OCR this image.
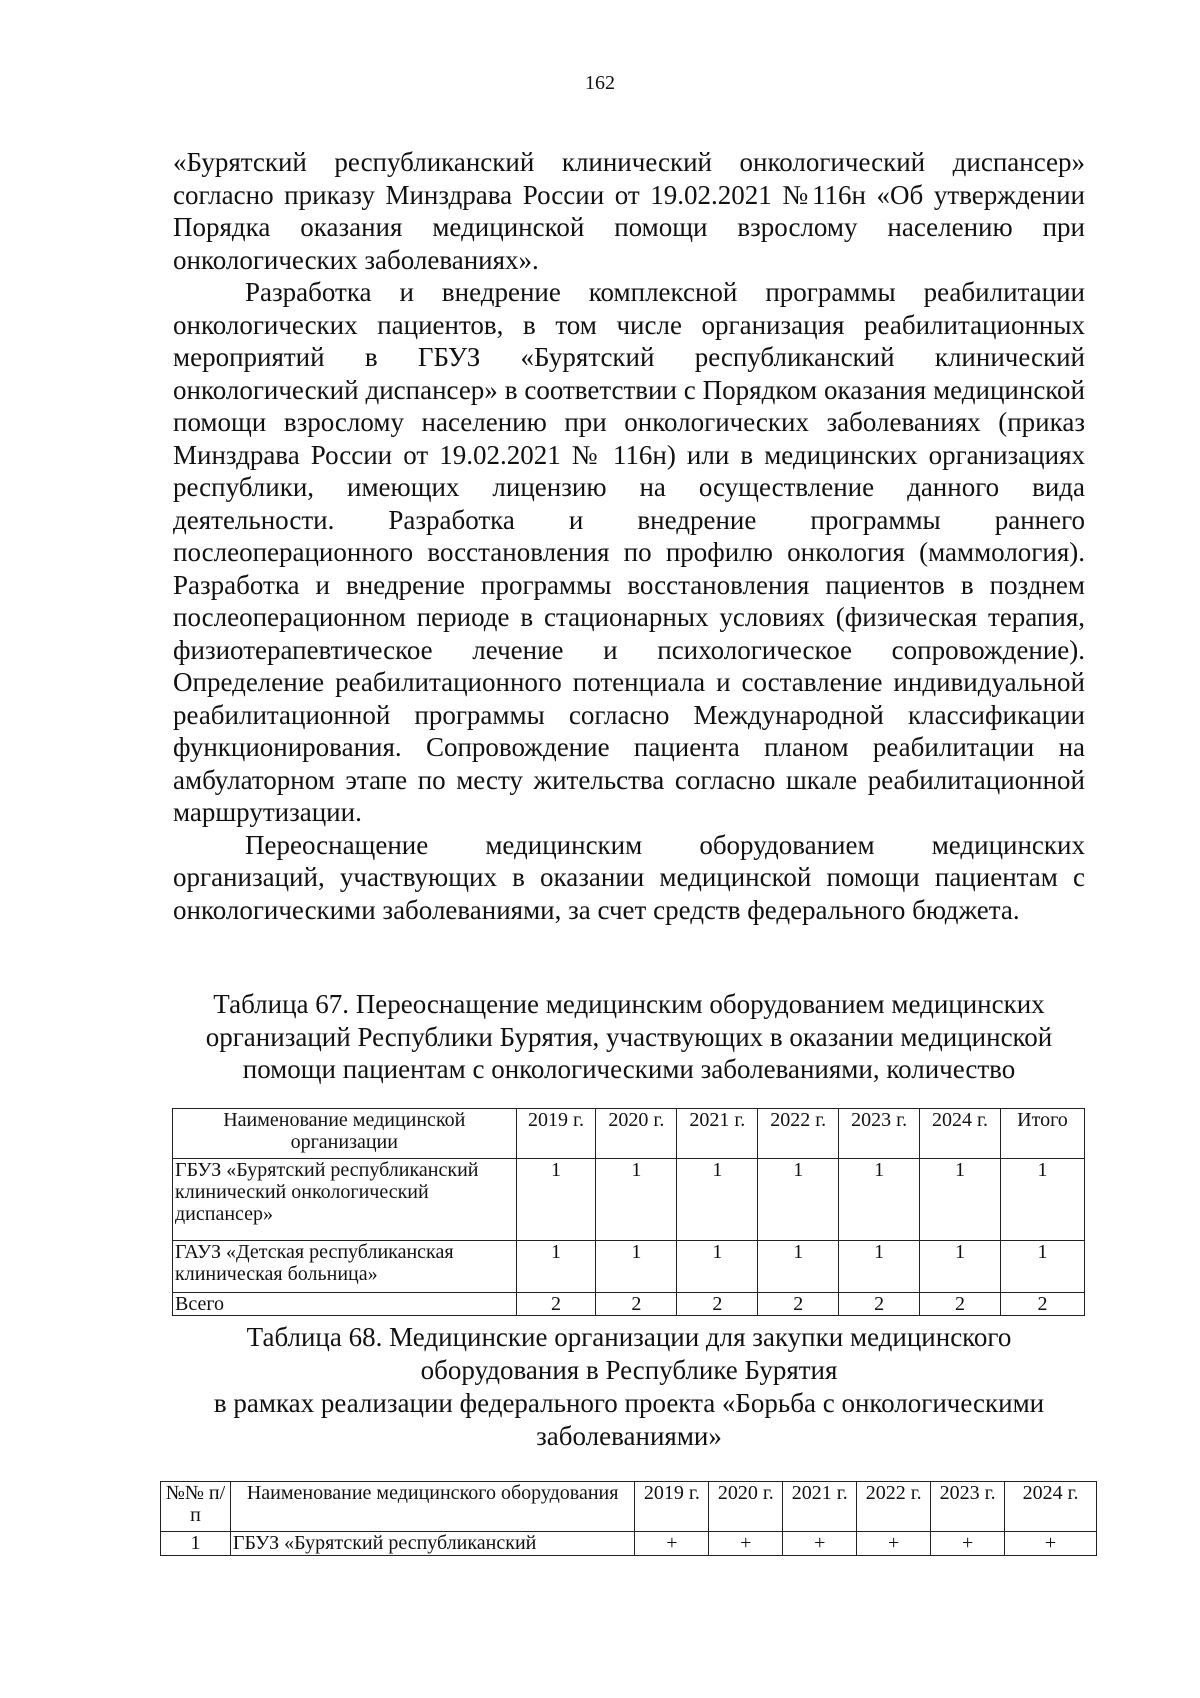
162

«Бурятский республиканский клинический онкологический диспансер» согласно приказу Минздрава России от 19.02.2021 №116н «Об утверждении Порядка оказания медицинской помощи взрослому населению при онкологических заболеваниях».

Разработка и внедрение комплексной программы реабилитации онкологических пациентов, в том числе организация реабилитационных мероприятий в ГБУЗ «Бурятский республиканский клинический онкологический диспансер» в соответствии с Порядком оказания медицинской помощи взрослому населению при онкологических заболеваниях (приказ Минздрава России от 19.02.2021 № 116н) или в медицинских организациях республики, имеющих лицензию на осуществление данного вида деятельности. Разработка и внедрение программы раннего послеоперационного восстановления по профилю онкология (маммология). Разработка и внедрение программы восстановления пациентов в позднем послеоперационном периоде в стационарных условиях (физическая терапия, физиотерапевтическое лечение и психологическое сопровождение). Определение реабилитационного потенциала и составление индивидуальной реабилитационной программы согласно Международной классификации функционирования. Сопровождение пациента планом реабилитации на амбулаторном этапе по месту жительства согласно шкале реабилитационной маршрутизации.

Переоснащение медицинским оборудованием медицинских организаций, участвующих в оказании медицинской помощи пациентам с онкологическими заболеваниями, за счет средств федерального бюджета.

Таблица 67. Переоснащение медицинским оборудованием медицинских организаций Республики Бурятия, участвующих в оказании медицинской помощи пациентам с онкологическими заболеваниями, количество

Наименование медицинской организации	2019 г.	2020 г.	2021 г.	2022 г.	2023 г.	2024 г.	Итого
ГБУЗ «Бурятский республиканский клинический онкологический диспансер»	1	1	1	1	1	1	1
ГАУЗ «Детская республиканская клиническая больница»	1	1	1	1	1	1	1
Всего	2	2	2	2	2	2	2

Таблица 68. Медицинские организации для закупки медицинского оборудования в Республике Бурятия

в рамках реализации федерального проекта «Борьба с онкологическими заболеваниями»

№№ п/п	Наименование медицинского оборудования	2019 г.	2020 г.	2021 г.	2022 г.	2023 г.	2024 г.
1	ГБУЗ «Бурятский республиканский	+	+	+	+	+	+
